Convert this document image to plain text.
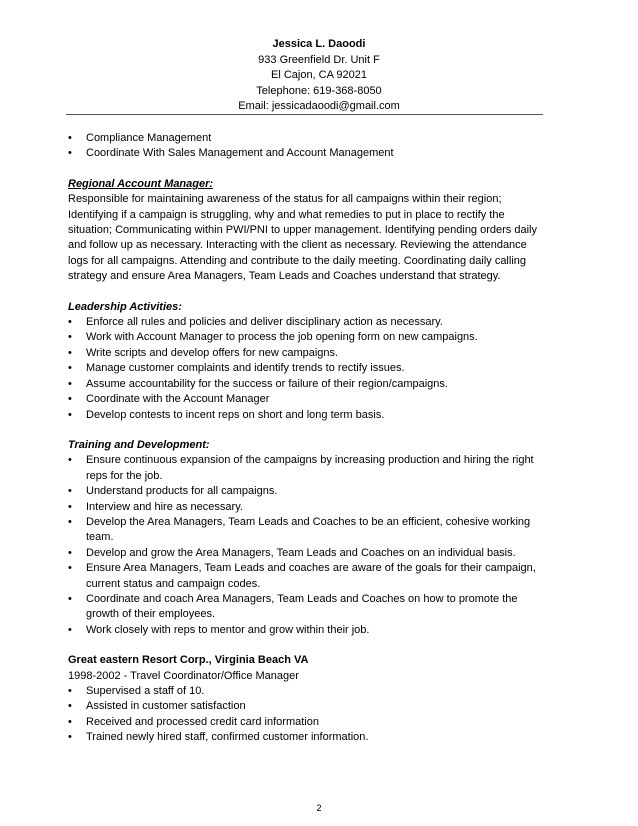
Jessica L. Daoodi
933 Greenfield Dr. Unit F
El Cajon, CA 92021
Telephone: 619-368-8050
Email: jessicadaoodi@gmail.com
• Compliance Management
• Coordinate With Sales Management and Account Management
Regional Account Manager:

Responsible for maintaining awareness of the status for all campaigns within their region; Identifying if a campaign is struggling, why and what remedies to put in place to rectify the situation; Communicating within PWI/PNI to upper management. Identifying pending orders daily and follow up as necessary. Interacting with the client as necessary. Reviewing the attendance logs for all campaigns. Attending and contribute to the daily meeting. Coordinating daily calling strategy and ensure Area Managers, Team Leads and Coaches understand that strategy.

Leadership Activities:
• Enforce all rules and policies and deliver disciplinary action as necessary.
• Work with Account Manager to process the job opening form on new campaigns.
• Write scripts and develop offers for new campaigns.
• Manage customer complaints and identify trends to rectify issues.
• Assume accountability for the success or failure of their region/campaigns.
• Coordinate with the Account Manager
• Develop contests to incent reps on short and long term basis.
Training and Development:
• Ensure continuous expansion of the campaigns by increasing production and hiring the right reps for the job.
• Understand products for all campaigns.
• Interview and hire as necessary.
• Develop the Area Managers, Team Leads and Coaches to be an efficient, cohesive working team.
• Develop and grow the Area Managers, Team Leads and Coaches on an individual basis.
• Ensure Area Managers, Team Leads and coaches are aware of the goals for their campaign, current status and campaign codes.
• Coordinate and coach Area Managers, Team Leads and Coaches on how to promote the growth of their employees.
• Work closely with reps to mentor and grow within their job.
Great eastern Resort Corp., Virginia Beach VA
1998-2002 - Travel Coordinator/Office Manager
• Supervised a staff of 10.
• Assisted in customer satisfaction
• Received and processed credit card information
• Trained newly hired staff, confirmed customer information.
2
